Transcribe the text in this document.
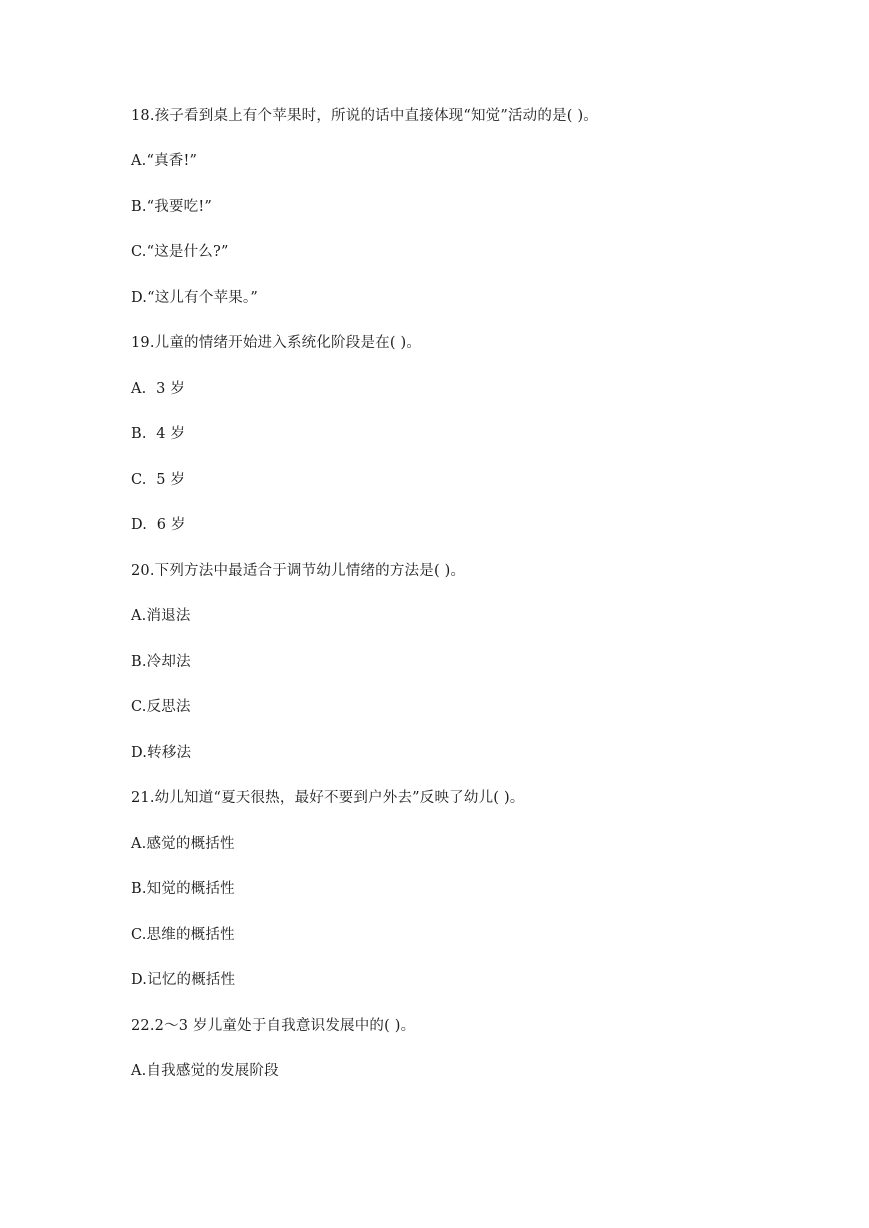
18.孩子看到桌上有个苹果时，所说的话中直接体现“知觉”活动的是( )。
A.“真香!”
B.“我要吃!”
C.“这是什么?”
D.“这儿有个苹果。”
19.儿童的情绪开始进入系统化阶段是在( )。
A.  3 岁
B.  4 岁
C.  5 岁
D.  6 岁
20.下列方法中最适合于调节幼儿情绪的方法是( )。
A.消退法
B.冷却法
C.反思法
D.转移法
21.幼儿知道“夏天很热，最好不要到户外去”反映了幼儿( )。
A.感觉的概括性
B.知觉的概括性
C.思维的概括性
D.记忆的概括性
22.2～3 岁儿童处于自我意识发展中的( )。
A.自我感觉的发展阶段
